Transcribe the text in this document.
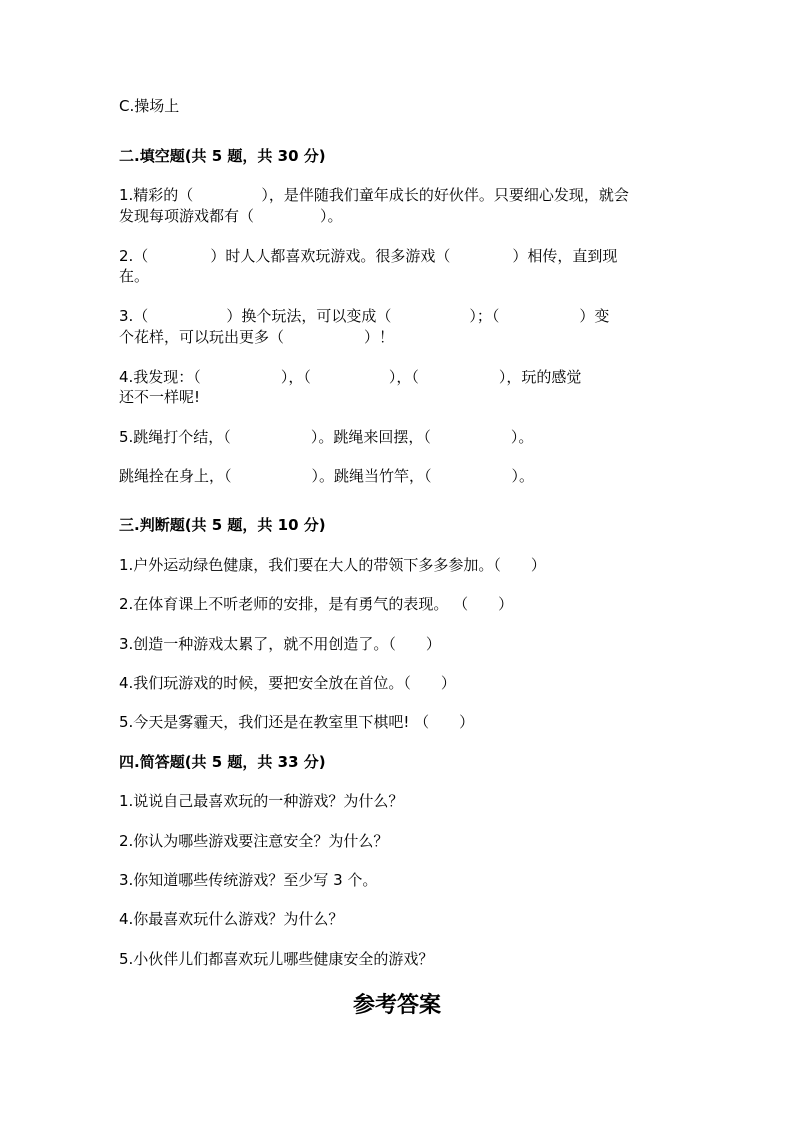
C.操场上
二.填空题(共 5 题，共 30 分)
1.精彩的（	），是伴随我们童年成长的好伙伴。只要细心发现，就会
发现每项游戏都有（	）。
2.（	）时人人都喜欢玩游戏。很多游戏（	）相传，直到现
在。
3.（	）换个玩法，可以变成（	）；（	）变
个花样，可以玩出更多（	）！
4.我发现：（	），（	），（	），玩的感觉
还不一样呢!
5.跳绳打个结，（	）。跳绳来回摆，（	）。
跳绳拴在身上，（	）。跳绳当竹竿，（	）。
三.判断题(共 5 题，共 10 分)
1.户外运动绿色健康，我们要在大人的带领下多多参加。（ ）
2.在体育课上不听老师的安排，是有勇气的表现。 （ ）
3.创造一种游戏太累了，就不用创造了。（ ）
4.我们玩游戏的时候，要把安全放在首位。（ ）
5.今天是雾霾天，我们还是在教室里下棋吧! （ ）
四.简答题(共 5 题，共 33 分)
1.说说自己最喜欢玩的一种游戏？为什么？
2.你认为哪些游戏要注意安全？为什么？
3.你知道哪些传统游戏？至少写 3 个。
4.你最喜欢玩什么游戏？为什么？
5.小伙伴儿们都喜欢玩儿哪些健康安全的游戏？
参考答案
